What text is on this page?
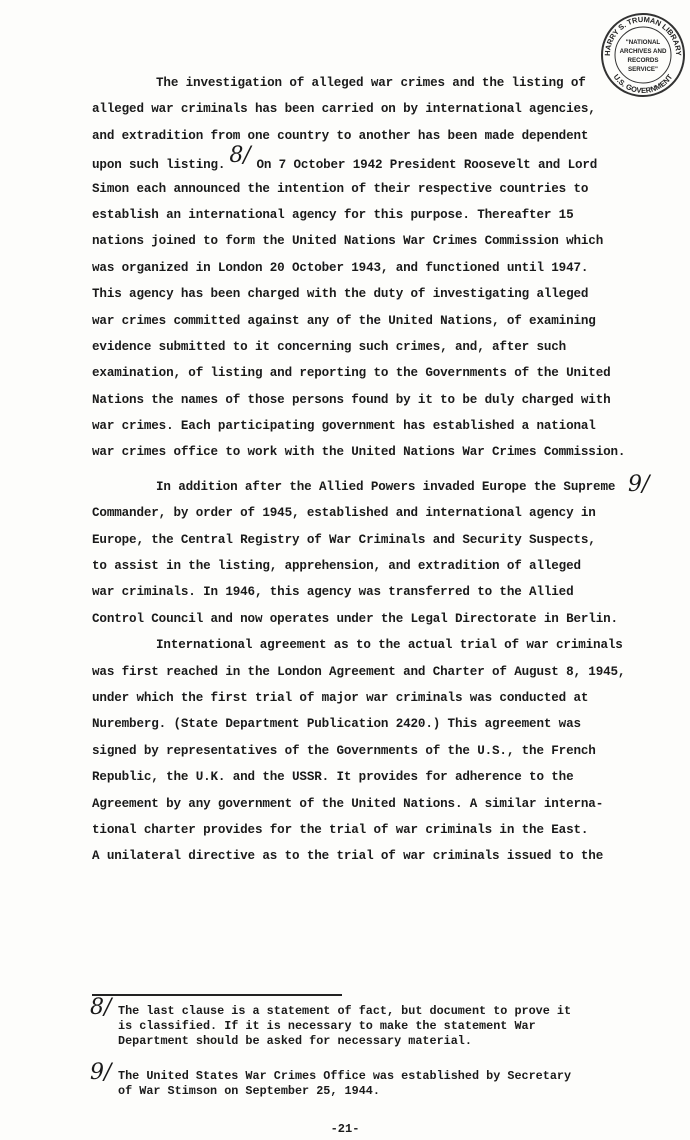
HARRY S. TRUMAN LIBRARY
U.S. GOVERNMENT
"NATIONAL
ARCHIVES AND
RECORDS
SERVICE"
The investigation of alleged war crimes and the listing of
alleged war criminals has been carried on by international agencies,
and extradition from one country to another has been made dependent
upon such listing. 8/ On 7 October 1942 President Roosevelt and Lord
Simon each announced the intention of their respective countries to
establish an international agency for this purpose. Thereafter 15
nations joined to form the United Nations War Crimes Commission which
was organized in London 20 October 1943, and functioned until 1947.
This agency has been charged with the duty of investigating alleged
war crimes committed against any of the United Nations, of examining
evidence submitted to it concerning such crimes, and, after such
examination, of listing and reporting to the Governments of the United
Nations the names of those persons found by it to be duly charged with
war crimes. Each participating government has established a national
war crimes office to work with the United Nations War Crimes Commission.
In addition after the Allied Powers invaded Europe the Supreme
Commander, by order of 1945, established and international agency in
Europe, the Central Registry of War Criminals and Security Suspects,
to assist in the listing, apprehension, and extradition of alleged
war criminals. In 1946, this agency was transferred to the Allied
Control Council and now operates under the Legal Directorate in Berlin.
International agreement as to the actual trial of war criminals
was first reached in the London Agreement and Charter of August 8, 1945,
under which the first trial of major war criminals was conducted at
Nuremberg. (State Department Publication 2420.) This agreement was
signed by representatives of the Governments of the U.S., the French
Republic, the U.K. and the USSR. It provides for adherence to the
Agreement by any government of the United Nations. A similar interna-
tional charter provides for the trial of war criminals in the East.
A unilateral directive as to the trial of war criminals issued to the
9/
8/ The last clause is a statement of fact, but document to prove it
is classified. If it is necessary to make the statement War
Department should be asked for necessary material.
9/ The United States War Crimes Office was established by Secretary
of War Stimson on September 25, 1944.
-21-
